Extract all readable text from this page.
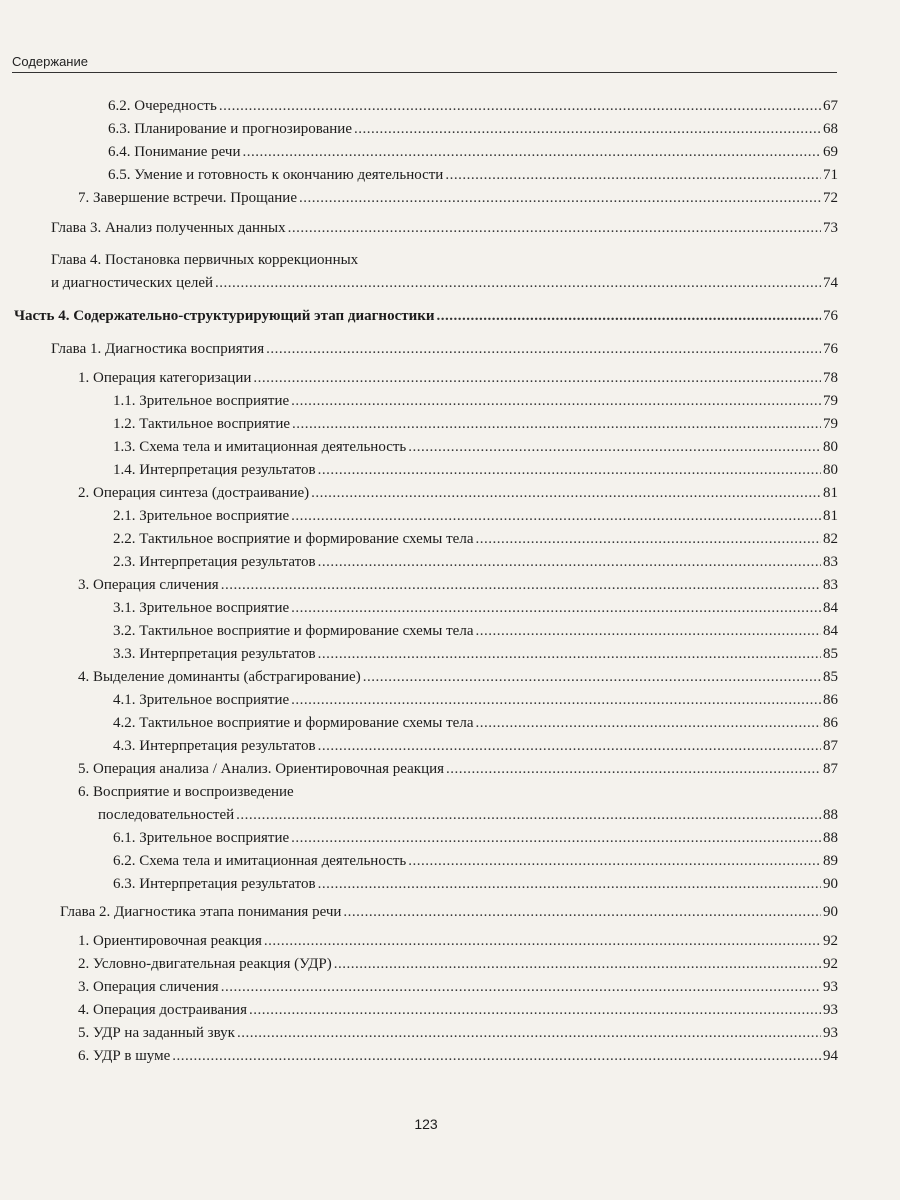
Содержание
6.2. Очередность .....	67
6.3. Планирование и прогнозирование .....	68
6.4. Понимание речи .....	69
6.5. Умение и готовность к окончанию деятельности .....	71
7. Завершение встречи. Прощание .....	72
Глава 3. Анализ полученных данных .....	73
Глава 4. Постановка первичных коррекционных
и диагностических целей .....	74
Часть 4. Содержательно-структурирующий этап диагностики .....	76
Глава 1. Диагностика восприятия .....	76
1. Операция категоризации .....	78
1.1. Зрительное восприятие .....	79
1.2. Тактильное восприятие .....	79
1.3. Схема тела и имитационная деятельность .....	80
1.4. Интерпретация результатов .....	80
2. Операция синтеза (достраивание) .....	81
2.1. Зрительное восприятие .....	81
2.2. Тактильное восприятие и формирование схемы тела .....	82
2.3. Интерпретация результатов .....	83
3. Операция сличения .....	83
3.1. Зрительное восприятие .....	84
3.2. Тактильное восприятие и формирование схемы тела .....	84
3.3. Интерпретация результатов .....	85
4. Выделение доминанты (абстрагирование) .....	85
4.1. Зрительное восприятие .....	86
4.2. Тактильное восприятие и формирование схемы тела .....	86
4.3. Интерпретация результатов .....	87
5. Операция анализа / Анализ. Ориентировочная реакция .....	87
6. Восприятие и воспроизведение
последовательностей .....	88
6.1. Зрительное восприятие .....	88
6.2. Схема тела и имитационная деятельность .....	89
6.3. Интерпретация результатов .....	90
Глава 2. Диагностика этапа понимания речи .....	90
1. Ориентировочная реакция .....	92
2. Условно-двигательная реакция (УДР) .....	92
3. Операция сличения .....	93
4. Операция достраивания .....	93
5. УДР на заданный звук .....	93
6. УДР в шуме .....	94
123
